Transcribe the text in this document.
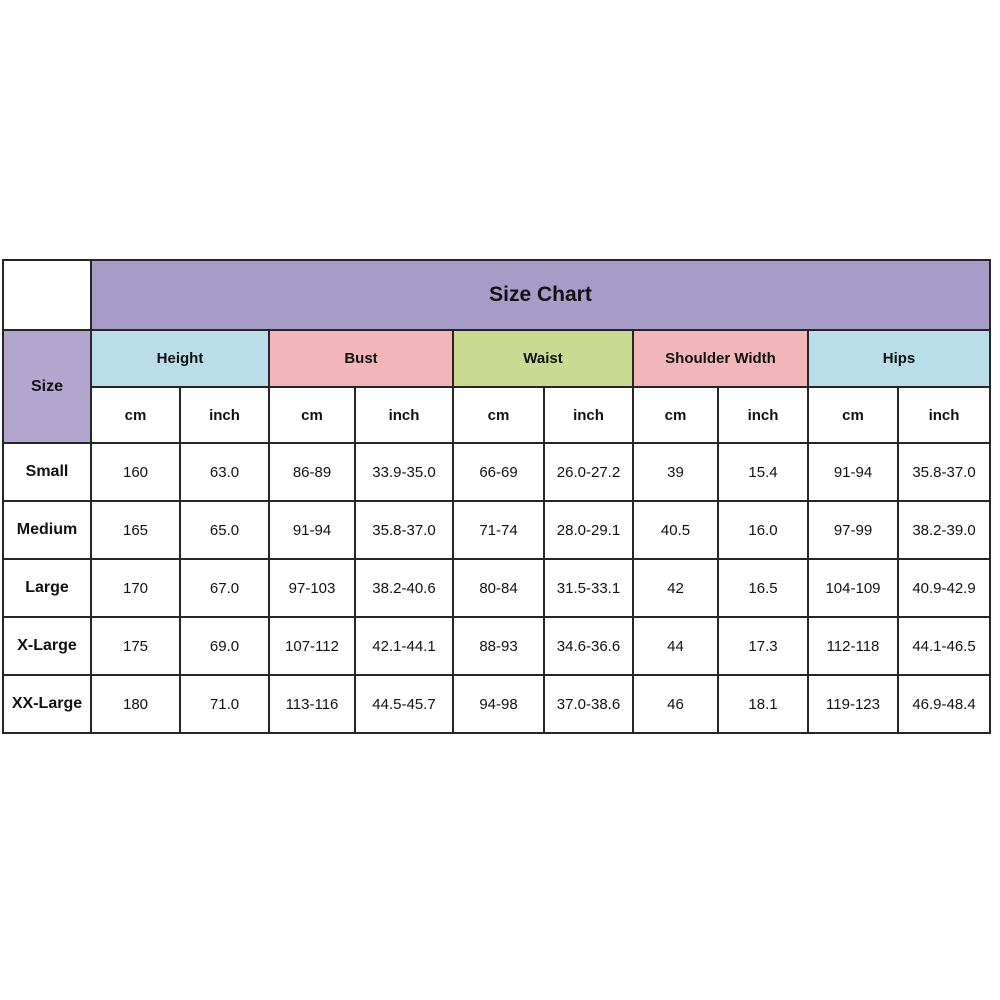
	Size Chart									
Size	Height		Bust		Waist		Shoulder Width		Hips	
	cm	inch	cm	inch	cm	inch	cm	inch	cm	inch
Small	160	63.0	86-89	33.9-35.0	66-69	26.0-27.2	39	15.4	91-94	35.8-37.0
Medium	165	65.0	91-94	35.8-37.0	71-74	28.0-29.1	40.5	16.0	97-99	38.2-39.0
Large	170	67.0	97-103	38.2-40.6	80-84	31.5-33.1	42	16.5	104-109	40.9-42.9
X-Large	175	69.0	107-112	42.1-44.1	88-93	34.6-36.6	44	17.3	112-118	44.1-46.5
XX-Large	180	71.0	113-116	44.5-45.7	94-98	37.0-38.6	46	18.1	119-123	46.9-48.4
